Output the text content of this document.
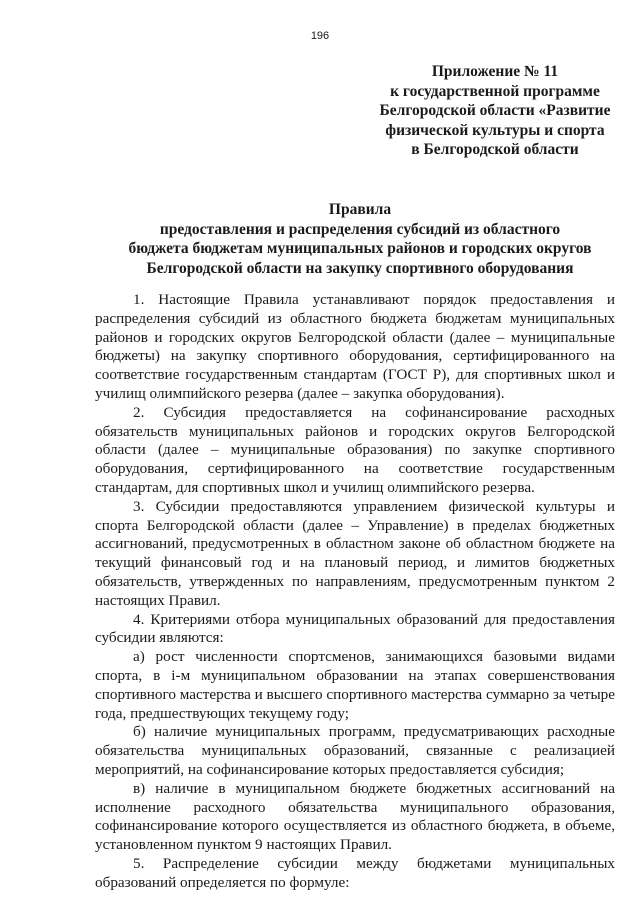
196
Приложение № 11
к государственной программе
Белгородской области «Развитие
физической культуры и спорта
в Белгородской области
Правила
предоставления и распределения субсидий из областного
бюджета бюджетам муниципальных районов и городских округов
Белгородской области на закупку спортивного оборудования

1. Настоящие Правила устанавливают порядок предоставления и распределения субсидий из областного бюджета бюджетам муниципальных районов и городских округов Белгородской области (далее – муниципальные бюджеты) на закупку спортивного оборудования, сертифицированного на соответствие государственным стандартам (ГОСТ Р), для спортивных школ и училищ олимпийского резерва (далее – закупка оборудования).

2. Субсидия предоставляется на софинансирование расходных обязательств муниципальных районов и городских округов Белгородской области (далее – муниципальные образования) по закупке спортивного оборудования, сертифицированного на соответствие государственным стандартам, для спортивных школ и училищ олимпийского резерва.

3. Субсидии предоставляются управлением физической культуры и спорта Белгородской области (далее – Управление) в пределах бюджетных ассигнований, предусмотренных в областном законе об областном бюджете на текущий финансовый год и на плановый период, и лимитов бюджетных обязательств, утвержденных по направлениям, предусмотренным пунктом 2 настоящих Правил.

4. Критериями отбора муниципальных образований для предоставления субсидии являются:

а) рост численности спортсменов, занимающихся базовыми видами спорта, в i-м муниципальном образовании на этапах совершенствования спортивного мастерства и высшего спортивного мастерства суммарно за четыре года, предшествующих текущему году;

б) наличие муниципальных программ, предусматривающих расходные обязательства муниципальных образований, связанные с реализацией мероприятий, на софинансирование которых предоставляется субсидия;

в) наличие в муниципальном бюджете бюджетных ассигнований на исполнение расходного обязательства муниципального образования, софинансирование которого осуществляется из областного бюджета, в объеме, установленном пунктом 9 настоящих Правил.

5. Распределение субсидии между бюджетами муниципальных образований определяется по формуле:
